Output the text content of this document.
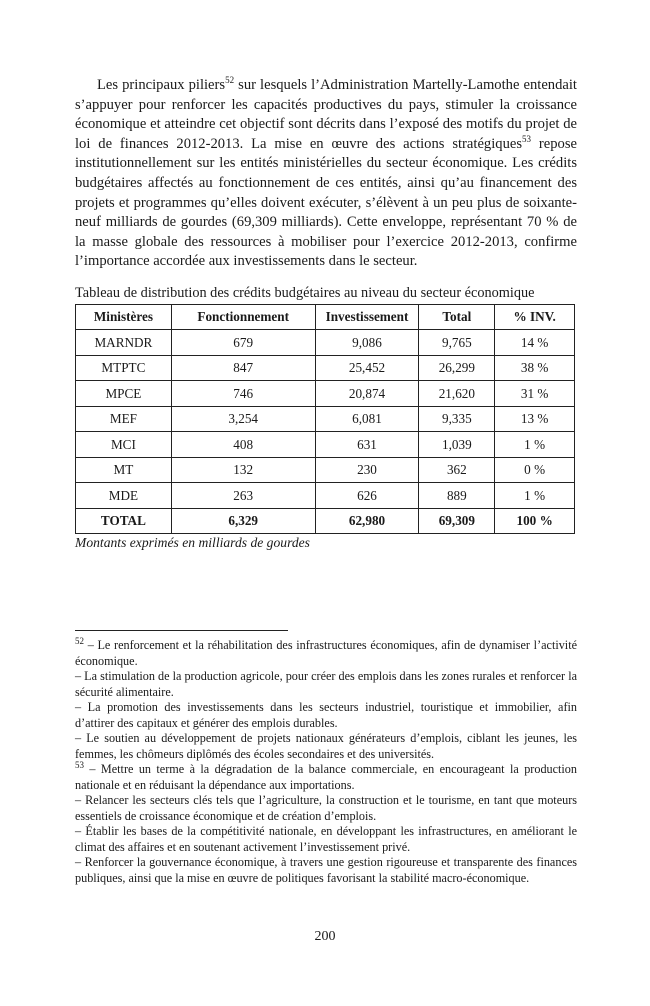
Les principaux piliers$^{52}$ sur lesquels l’Administration Martelly-Lamothe entendait s’appuyer pour renforcer les capacités productives du pays, stimuler la croissance économique et atteindre cet objectif sont décrits dans l’exposé des motifs du projet de loi de finances 2012-2013. La mise en œuvre des actions stratégiques$^{53}$ repose institutionnellement sur les entités ministérielles du secteur économique. Les crédits budgétaires affectés au fonctionnement de ces entités, ainsi qu’au financement des projets et programmes qu’elles doivent exécuter, s’élèvent à un peu plus de soixante-neuf milliards de gourdes (69,309 milliards). Cette enveloppe, représentant 70 % de la masse globale des ressources à mobiliser pour l’exercice 2012-2013, confirme l’importance accordée aux investissements dans le secteur.

Tableau de distribution des crédits budgétaires au niveau du secteur économique
Ministères	Fonctionnement	Investissement	Total	% INV.
MARNDR	679	9,086	9,765	14 %
MTPTC	847	25,452	26,299	38 %
MPCE	746	20,874	21,620	31 %
MEF	3,254	6,081	9,335	13 %
MCI	408	631	1,039	1 %
MT	132	230	362	0 %
MDE	263	626	889	1 %
TOTAL	6,329	62,980	69,309	100 %
Montants exprimés en milliards de gourdes

$^{52}$ – Le renforcement et la réhabilitation des infrastructures économiques, afin de dynamiser l’activité économique.

– La stimulation de la production agricole, pour créer des emplois dans les zones rurales et renforcer la sécurité alimentaire.

– La promotion des investissements dans les secteurs industriel, touristique et immobilier, afin d’attirer des capitaux et générer des emplois durables.

– Le soutien au développement de projets nationaux générateurs d’emplois, ciblant les jeunes, les femmes, les chômeurs diplômés des écoles secondaires et des universités.

$^{53}$ – Mettre un terme à la dégradation de la balance commerciale, en encourageant la production nationale et en réduisant la dépendance aux importations.

– Relancer les secteurs clés tels que l’agriculture, la construction et le tourisme, en tant que moteurs essentiels de croissance économique et de création d’emplois.

– Établir les bases de la compétitivité nationale, en développant les infrastructures, en améliorant le climat des affaires et en soutenant activement l’investissement privé.

– Renforcer la gouvernance économique, à travers une gestion rigoureuse et transparente des finances publiques, ainsi que la mise en œuvre de politiques favorisant la stabilité macro-économique.

200
